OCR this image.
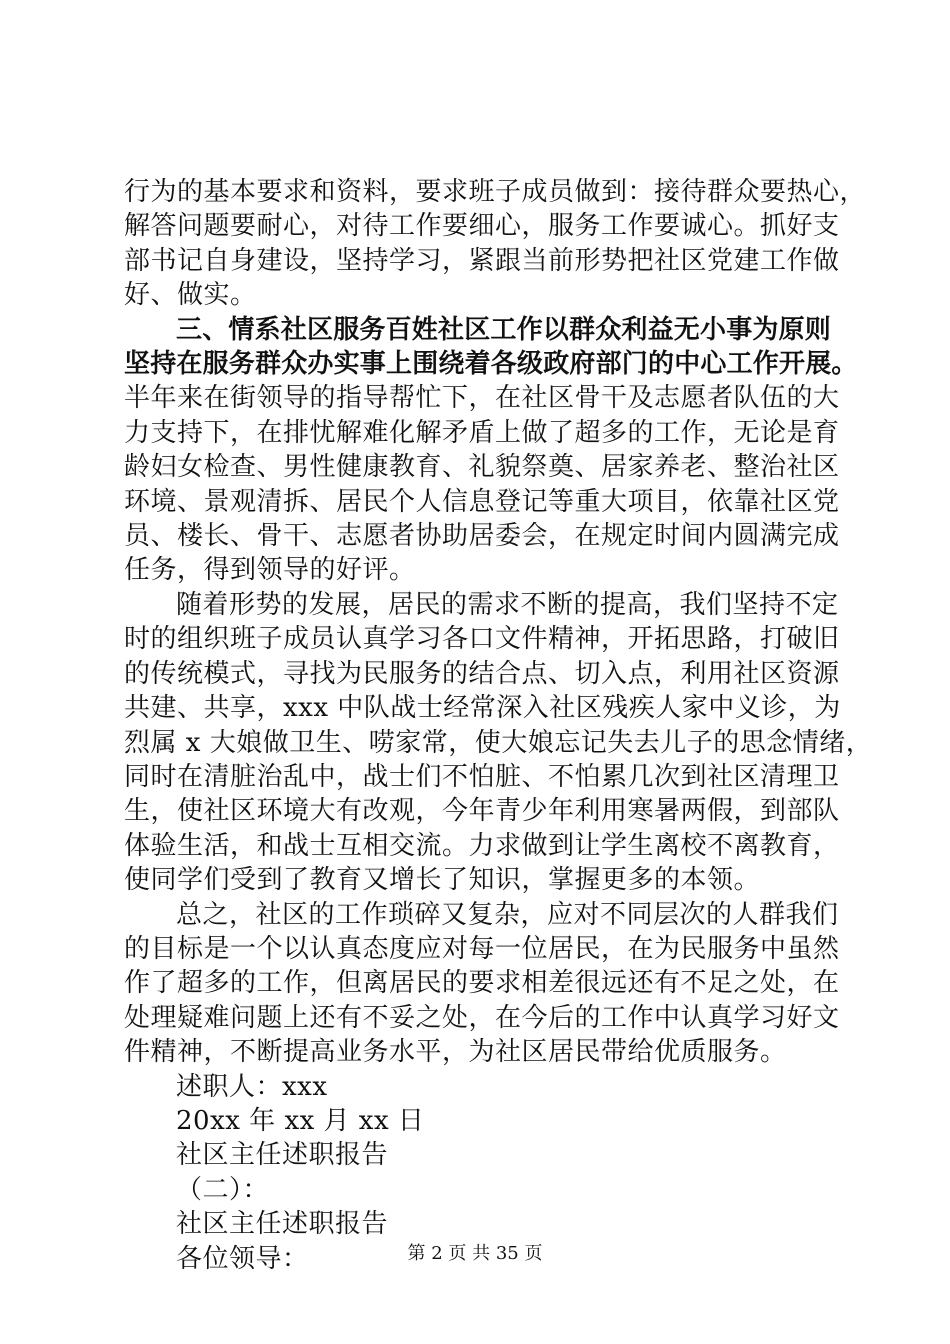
行为的基本要求和资料，要求班子成员做到：接待群众要热心，
解答问题要耐心，对待工作要细心，服务工作要诚心。抓好支
部书记自身建设，坚持学习，紧跟当前形势把社区党建工作做
好、做实。
三、情系社区服务百姓社区工作以群众利益无小事为原则
坚持在服务群众办实事上围绕着各级政府部门的中心工作开展。
半年来在街领导的指导帮忙下，在社区骨干及志愿者队伍的大
力支持下，在排忧解难化解矛盾上做了超多的工作，无论是育
龄妇女检查、男性健康教育、礼貌祭奠、居家养老、整治社区
环境、景观清拆、居民个人信息登记等重大项目，依靠社区党
员、楼长、骨干、志愿者协助居委会，在规定时间内圆满完成
任务，得到领导的好评。
随着形势的发展，居民的需求不断的提高，我们坚持不定
时的组织班子成员认真学习各口文件精神，开拓思路，打破旧
的传统模式，寻找为民服务的结合点、切入点，利用社区资源
共建、共享，xxx 中队战士经常深入社区残疾人家中义诊，为
烈属 x 大娘做卫生、唠家常，使大娘忘记失去儿子的思念情绪，
同时在清脏治乱中，战士们不怕脏、不怕累几次到社区清理卫
生，使社区环境大有改观，今年青少年利用寒暑两假，到部队
体验生活，和战士互相交流。力求做到让学生离校不离教育，
使同学们受到了教育又增长了知识，掌握更多的本领。
总之，社区的工作琐碎又复杂，应对不同层次的人群我们
的目标是一个以认真态度应对每一位居民，在为民服务中虽然
作了超多的工作，但离居民的要求相差很远还有不足之处，在
处理疑难问题上还有不妥之处，在今后的工作中认真学习好文
件精神，不断提高业务水平，为社区居民带给优质服务。
述职人：xxx
20xx 年 xx 月 xx 日
社区主任述职报告
（二）：
社区主任述职报告
各位领导：	第 2 页 共 35 页
